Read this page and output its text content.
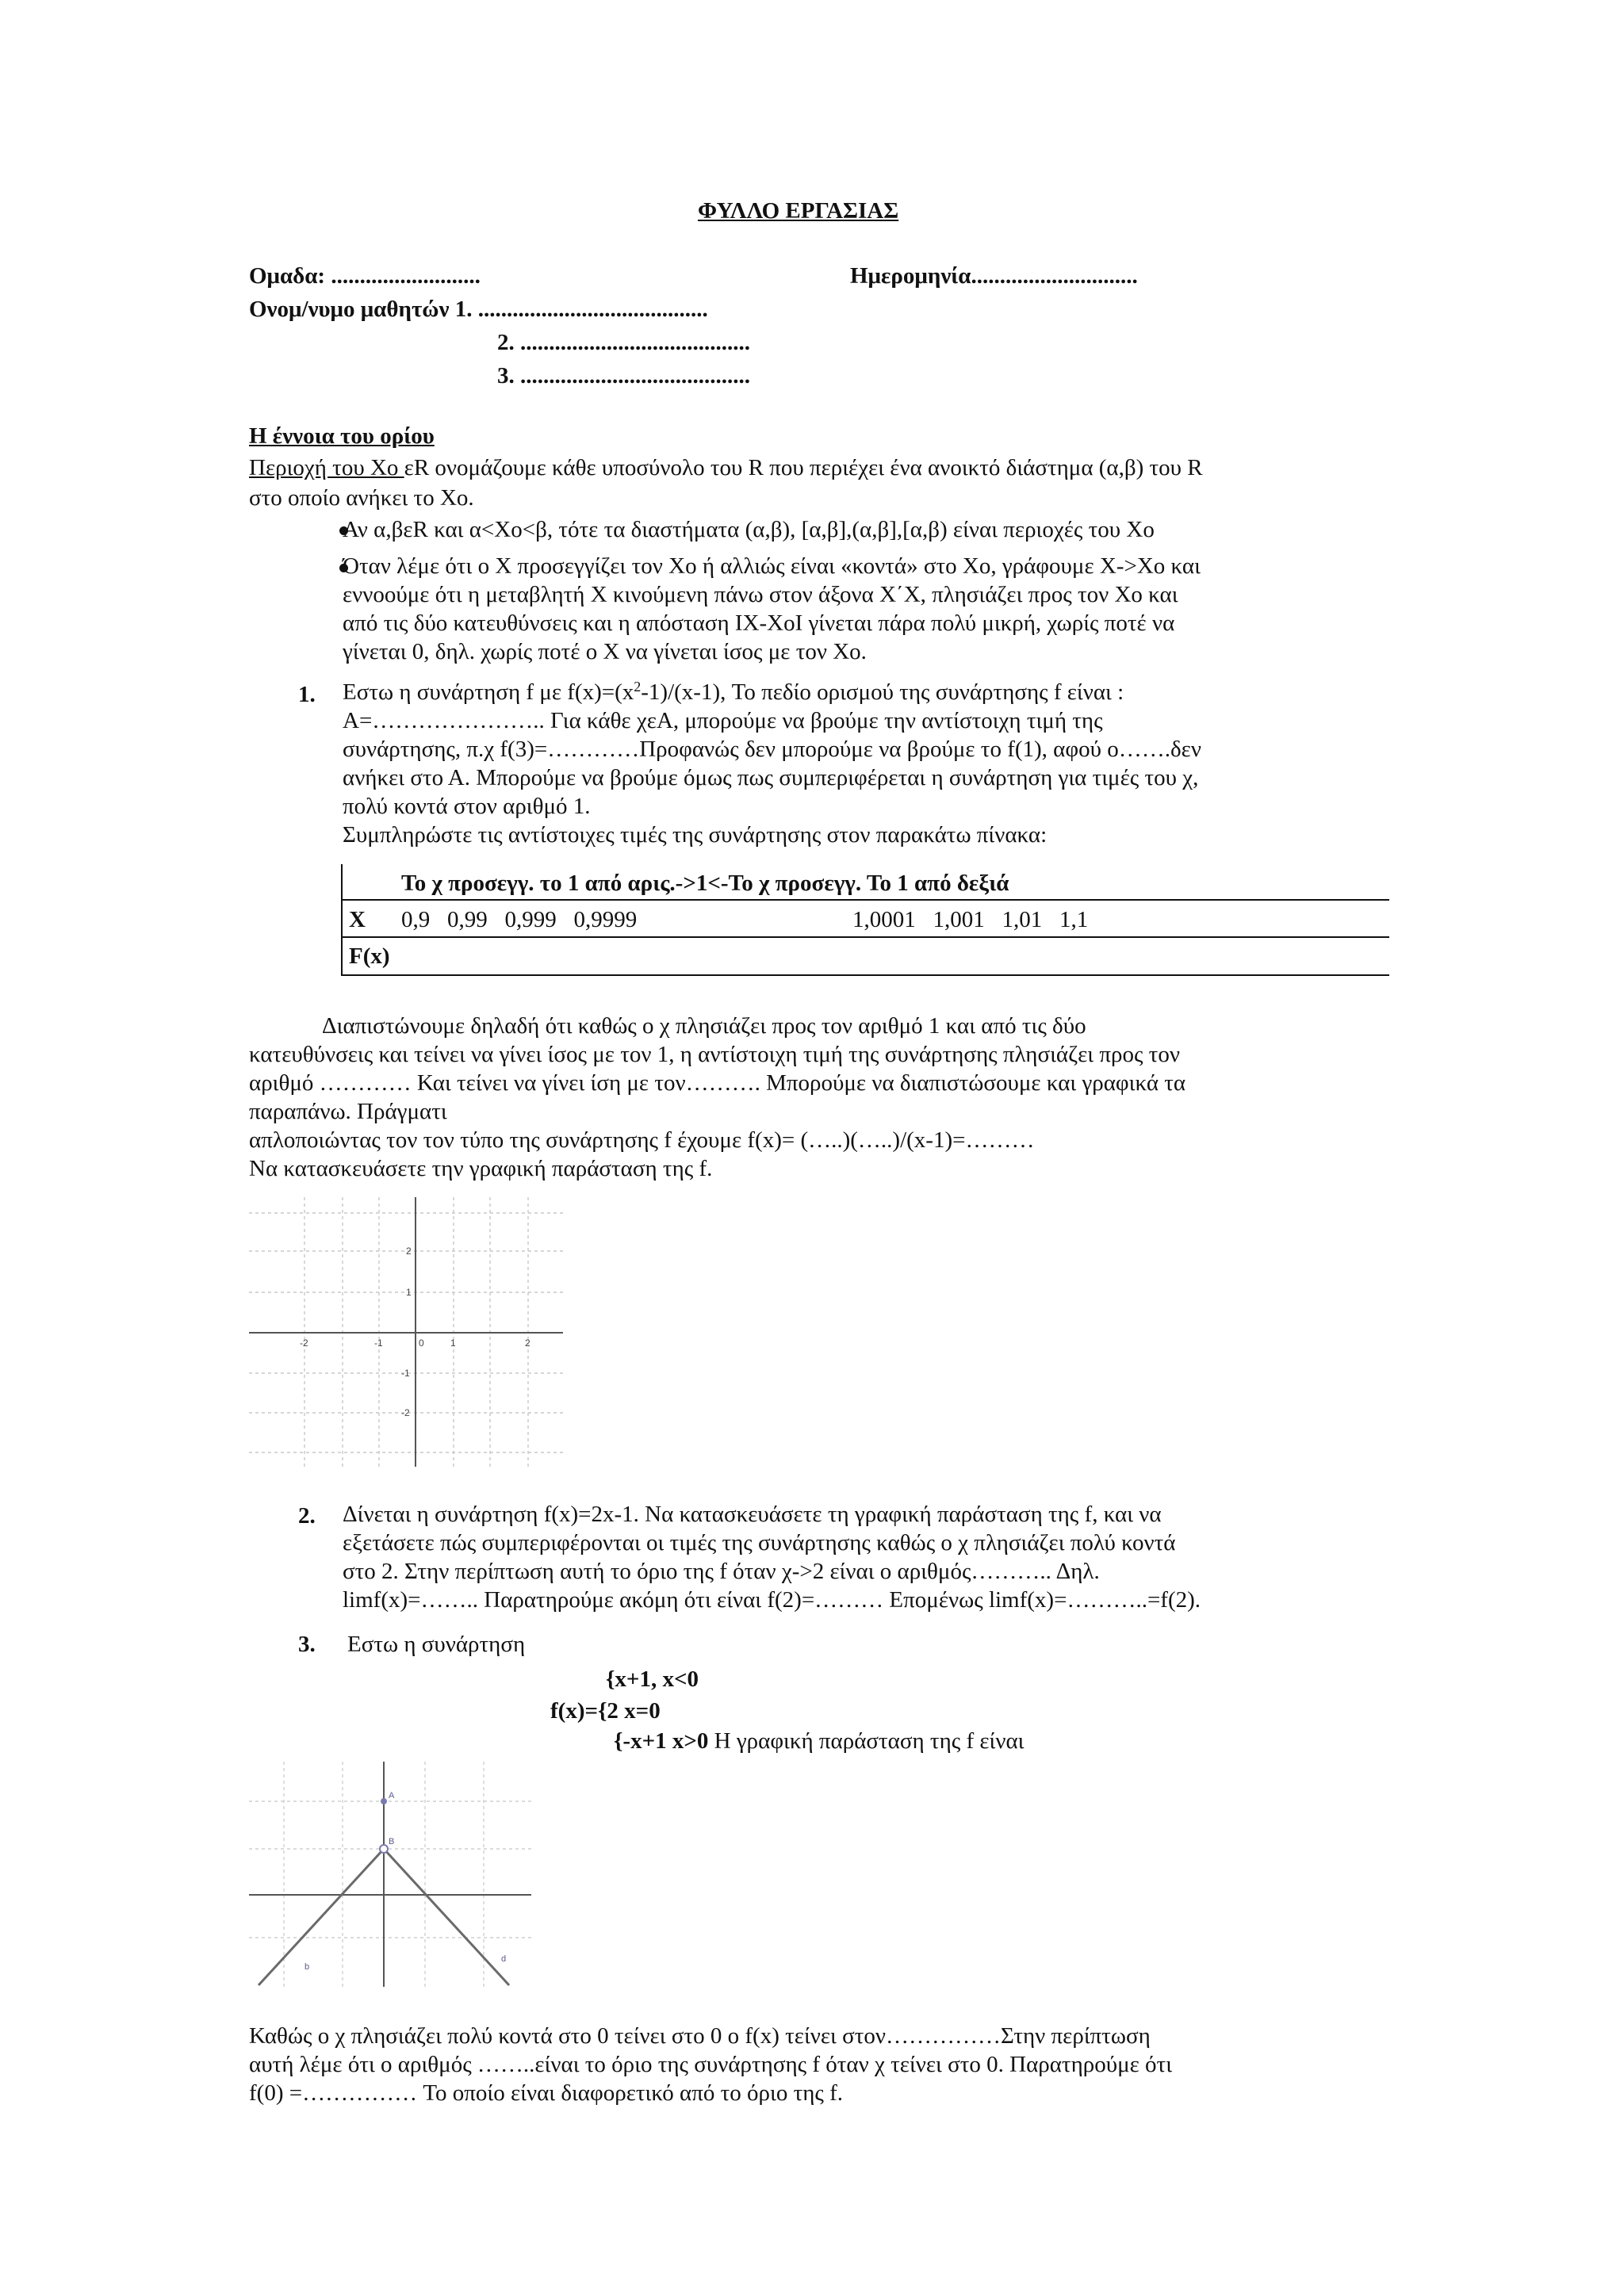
ΦΥΛΛΟ ΕΡΓΑΣΙΑΣ
Ομαδα: ..........................	Ημερομηνία.............................
Ονομ/νυμο μαθητών 1. ........................................
2. ........................................
3. ........................................
Η έννοια του ορίου
Περιοχή του Χο εR ονομάζουμε κάθε υποσύνολο του R που περιέχει ένα ανοικτό διάστημα (α,β) του R
στο οποίο ανήκει το Χο.
Αν α,βεR και α<Χο<β, τότε τα διαστήματα (α,β), [α,β],(α,β],[α,β) είναι περιοχές του Χο
Όταν λέμε ότι ο Χ προσεγγίζει τον Χο ή αλλιώς είναι «κοντά» στο Χο, γράφουμε Χ->Χο και
εννοούμε ότι η μεταβλητή Χ κινούμενη πάνω στον άξονα Χ΄Χ, πλησιάζει προς τον Χο και
από τις δύο κατευθύνσεις και η απόσταση ΙΧ-ΧοΙ γίνεται πάρα πολύ μικρή, χωρίς ποτέ να
γίνεται 0, δηλ. χωρίς ποτέ ο Χ να γίνεται ίσος με τον Χο.
1. Εστω η συνάρτηση f με $f(x)=(x^2-1)/(x-1)$, Το πεδίο ορισμού της συνάρτησης f είναι :
Α=………………….. Για κάθε χεΑ, μπορούμε να βρούμε την αντίστοιχη τιμή της
συνάρτησης, π.χ f(3)=…………Προφανώς δεν μπορούμε να βρούμε το f(1), αφού ο…….δεν
ανήκει στο Α. Μπορούμε να βρούμε όμως πως συμπεριφέρεται η συνάρτηση για τιμές του χ,
πολύ κοντά στον αριθμό 1.
Συμπληρώστε τις αντίστοιχες τιμές της συνάρτησης στον παρακάτω πίνακα:
Το χ προσεγγ. το 1 από αρις.->1<-Το χ προσεγγ. Το 1 από δεξιά
X 0,9 0,99 0,999 0,9999	1,0001 1,001 1,01 1,1
F(x)
Διαπιστώνουμε δηλαδή ότι καθώς ο χ πλησιάζει προς τον αριθμό 1 και από τις δύο
κατευθύνσεις και τείνει να γίνει ίσος με τον 1, η αντίστοιχη τιμή της συνάρτησης πλησιάζει προς τον
αριθμό ………… Και τείνει να γίνει ίση με τον………. Μπορούμε να διαπιστώσουμε και γραφικά τα
παραπάνω. Πράγματι
απλοποιώντας τον τον τύπο της συνάρτησης f έχουμε f(x)= (…..)(…..)/(x-1)=………
Να κατασκευάσετε την γραφική παράσταση της f.
-2	-1	0	1	2
2
1
-1
-2
2. Δίνεται η συνάρτηση f(x)=2x-1. Να κατασκευάσετε τη γραφική παράσταση της f, και να
εξετάσετε πώς συμπεριφέρονται οι τιμές της συνάρτησης καθώς ο χ πλησιάζει πολύ κοντά
στο 2. Στην περίπτωση αυτή το όριο της f όταν χ->2 είναι ο αριθμός……….. Δηλ.
limf(x)=…….. Παρατηρούμε ακόμη ότι είναι f(2)=……… Επομένως limf(x)=………..=f(2).
3. Εστω η συνάρτηση
{x+1, x<0
f(x)={2 x=0
{-x+1 x>0 Η γραφική παράσταση της f είναι
A
B
d
b
Καθώς ο χ πλησιάζει πολύ κοντά στο 0 τείνει στο 0 ο f(x) τείνει στον……………Στην περίπτωση
αυτή λέμε ότι ο αριθμός ……..είναι το όριο της συνάρτησης f όταν χ τείνει στο 0. Παρατηρούμε ότι
f(0) =…………… Το οποίο είναι διαφορετικό από το όριο της f.
